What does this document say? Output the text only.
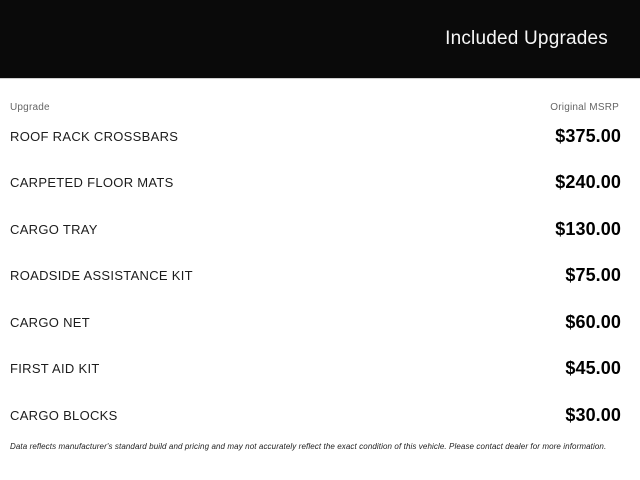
Included Upgrades
Upgrade	Original MSRP
ROOF RACK CROSSBARS	$375.00
CARPETED FLOOR MATS	$240.00
CARGO TRAY	$130.00
ROADSIDE ASSISTANCE KIT	$75.00
CARGO NET	$60.00
FIRST AID KIT	$45.00
CARGO BLOCKS	$30.00
Data reflects manufacturer's standard build and pricing and may not accurately reflect the exact condition of this vehicle. Please contact dealer for more information.
